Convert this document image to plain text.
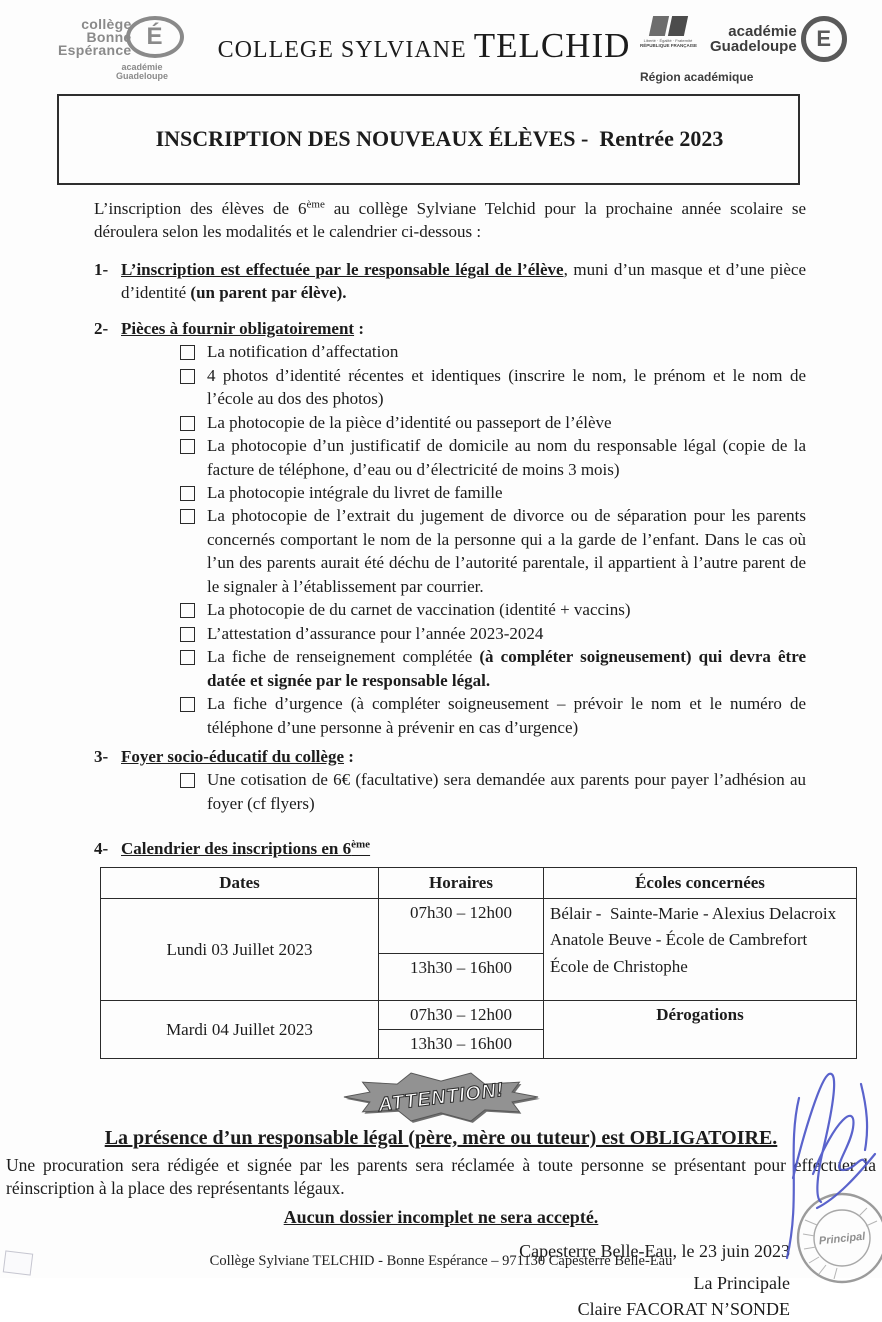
collège
Bonne
Espérance É
académie
Guadeloupe
COLLEGE SYLVIANE TELCHID	Liberté · Égalité · Fraternité
RÉPUBLIQUE FRANÇAISE
académie
Guadeloupe E
Région académique

INSCRIPTION DES NOUVEAUX ÉLÈVES -  Rentrée 2023

L’inscription des élèves de 6ème au collège Sylviane Telchid pour la prochaine année scolaire se déroulera selon les modalités et le calendrier ci-dessous :

1- L’inscription est effectuée par le responsable légal de l’élève, muni d’un masque et d’une pièce d’identité (un parent par élève).
2- Pièces à fournir obligatoirement :
La notification d’affectation
4 photos d’identité récentes et identiques (inscrire le nom, le prénom et le nom de l’école au dos des photos)
La photocopie de la pièce d’identité ou passeport de l’élève
La photocopie d’un justificatif de domicile au nom du responsable légal (copie de la facture de téléphone, d’eau ou d’électricité de moins 3 mois)
La photocopie intégrale du livret de famille
La photocopie de l’extrait du jugement de divorce ou de séparation pour les parents concernés comportant le nom de la personne qui a la garde de l’enfant. Dans le cas où l’un des parents aurait été déchu de l’autorité parentale, il appartient à l’autre parent de le signaler à l’établissement par courrier.
La photocopie de du carnet de vaccination (identité + vaccins)
L’attestation d’assurance pour l’année 2023-2024
La fiche de renseignement complétée (à compléter soigneusement) qui devra être datée et signée par le responsable légal.
La fiche d’urgence (à compléter soigneusement – prévoir le nom et le numéro de téléphone d’une personne à prévenir en cas d’urgence)
3- Foyer socio-éducatif du collège :
Une cotisation de 6€ (facultative) sera demandée aux parents pour payer l’adhésion au foyer (cf flyers)
4- Calendrier des inscriptions en 6ème
Dates	Horaires	Écoles concernées
Lundi 03 Juillet 2023	07h30 – 12h00	Bélair -  Sainte-Marie - Alexius Delacroix
Anatole Beuve - École de Cambrefort
École de Christophe

	13h30 – 16h00	
Mardi 04 Juillet 2023	07h30 – 12h00	Dérogations
	13h30 – 16h00	
ATTENTION!
La présence d’un responsable légal (père, mère ou tuteur) est OBLIGATOIRE.
Une procuration sera rédigée et signée par les parents sera réclamée à toute personne se présentant pour effectuer la réinscription à la place des représentants légaux.
Aucun dossier incomplet ne sera accepté.
Capesterre Belle-Eau, le 23 juin 2023
La Principale
Claire FACORAT N’SONDE
Principal
Collège Sylviane TELCHID - Bonne Espérance – 971130 Capesterre Belle-Eau
